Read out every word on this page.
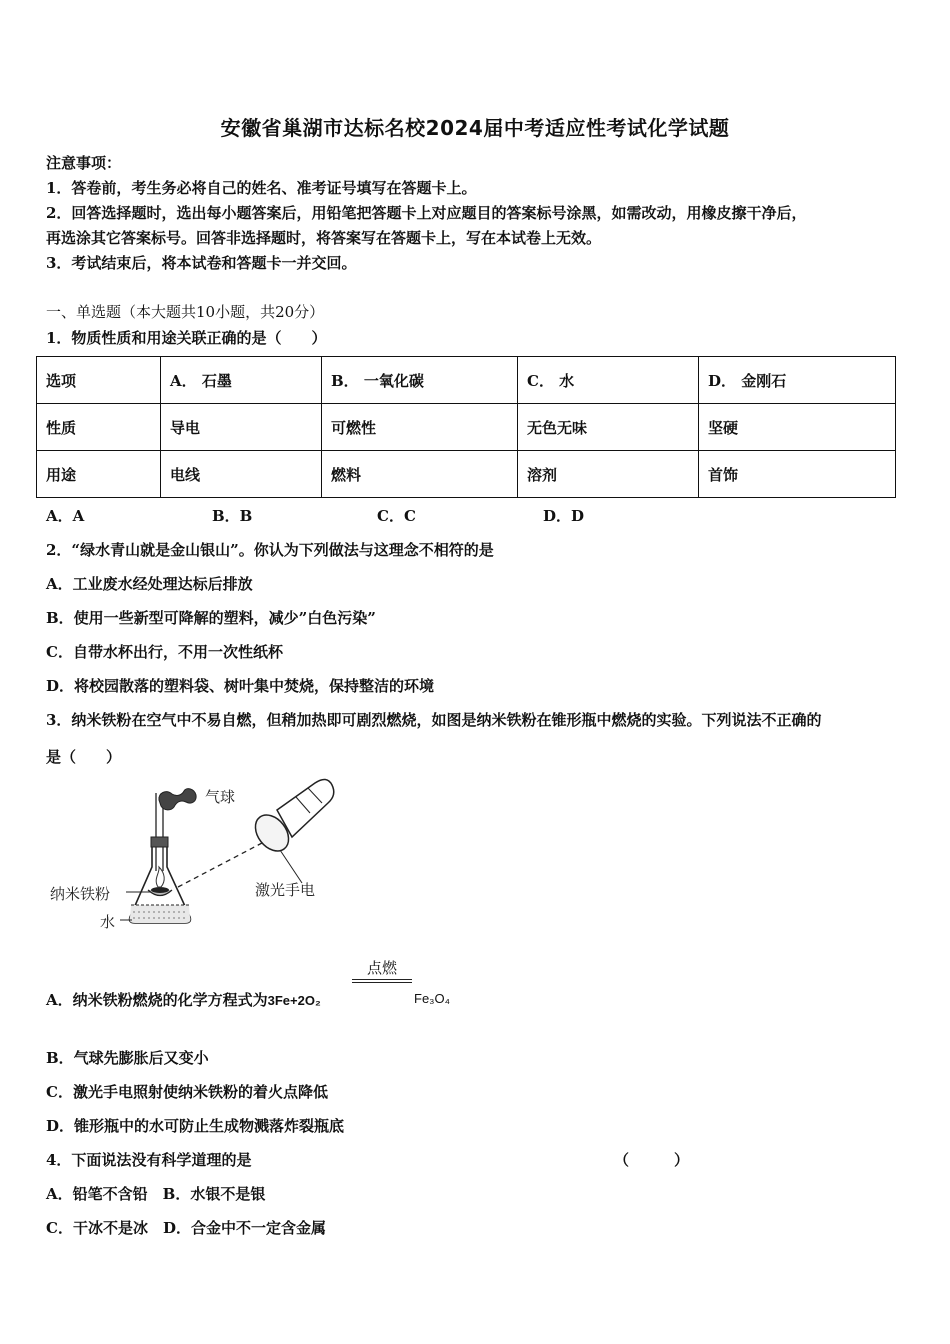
安徽省巢湖市达标名校2024届中考适应性考试化学试题
注意事项：
1．答卷前，考生务必将自己的姓名、准考证号填写在答题卡上。
2．回答选择题时，选出每小题答案后，用铅笔把答题卡上对应题目的答案标号涂黑，如需改动，用橡皮擦干净后，
再选涂其它答案标号。回答非选择题时，将答案写在答题卡上，写在本试卷上无效。
3．考试结束后，将本试卷和答题卡一并交回。
一、单选题（本大题共10小题，共20分）
1．物质性质和用途关联正确的是（　　）
选项	A． 石墨	B． 一氧化碳	C． 水	D． 金刚石
性质	导电	可燃性	无色无味	坚硬
用途	电线	燃料	溶剂	首饰
A．A	B．B	C．C	D．D
2．“绿水青山就是金山银山”。你认为下列做法与这理念不相符的是
A．工业废水经处理达标后排放
B．使用一些新型可降解的塑料，减少”白色污染”
C．自带水杯出行，不用一次性纸杯
D．将校园散落的塑料袋、树叶集中焚烧，保持整洁的环境
3．纳米铁粉在空气中不易自燃，但稍加热即可剧烈燃烧，如图是纳米铁粉在锥形瓶中燃烧的实验。下列说法不正确的
是（　　）
气球
纳米铁粉
水
激光手电
A．纳米铁粉燃烧的化学方程式为3Fe+2O₂
点燃
Fe₃O₄
B．气球先膨胀后又变小
C．激光手电照射使纳米铁粉的着火点降低
D．锥形瓶中的水可防止生成物溅落炸裂瓶底
4．下面说法没有科学道理的是	（　　　）
A．铅笔不含铅　B．水银不是银
C．干冰不是冰　D．合金中不一定含金属
